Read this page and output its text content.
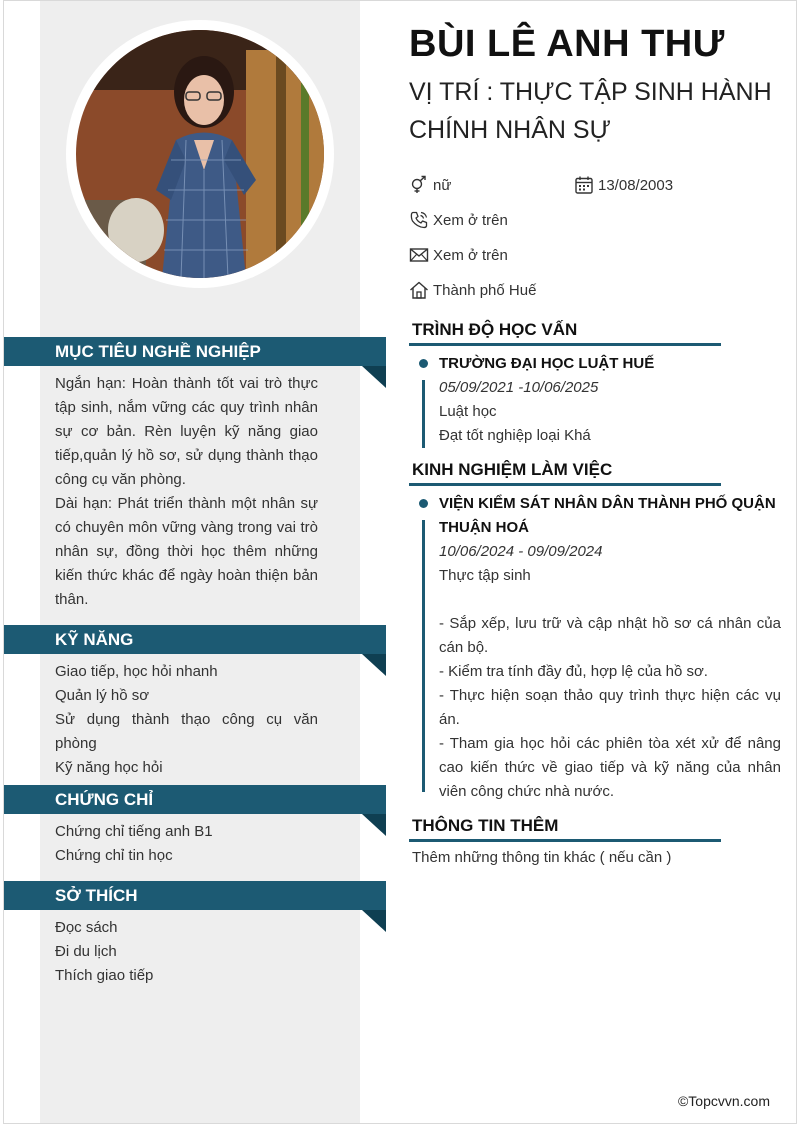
MỤC TIÊU NGHỀ NGHIỆP
Ngắn hạn: Hoàn thành tốt vai trò thực tập sinh, nắm vững các quy trình nhân sự cơ bản. Rèn luyện kỹ năng giao tiếp,quản lý hồ sơ, sử dụng thành thạo công cụ văn phòng.
Dài hạn: Phát triển thành một nhân sự có chuyên môn vững vàng trong vai trò nhân sự, đồng thời học thêm những kiến thức khác để ngày hoàn thiện bản thân.
KỸ NĂNG
Giao tiếp, học hỏi nhanh
Quản lý hồ sơ
Sử dụng thành thạo công cụ văn phòng
Kỹ năng học hỏi
CHỨNG CHỈ
Chứng chỉ tiếng anh B1
Chứng chỉ tin học
SỞ THÍCH
Đọc sách
Đi du lịch
Thích giao tiếp
BÙI LÊ ANH THƯ
VỊ TRÍ : THỰC TẬP SINH HÀNH CHÍNH NHÂN SỰ
nữ	13/08/2003
Xem ở trên
Xem ở trên
Thành phố Huế
TRÌNH ĐỘ HỌC VẤN
TRƯỜNG ĐẠI HỌC LUẬT HUẾ
05/09/2021 -10/06/2025
Luật học
Đạt tốt nghiệp loại Khá
KINH NGHIỆM LÀM VIỆC
VIỆN KIỂM SÁT NHÂN DÂN THÀNH PHỐ QUẬN THUẬN HOÁ
10/06/2024 - 09/09/2024
Thực tập sinh
- Sắp xếp, lưu trữ và cập nhật hồ sơ cá nhân của cán bộ.
- Kiểm tra tính đầy đủ, hợp lệ của hồ sơ.
- Thực hiện soạn thảo quy trình thực hiện các vụ án.
- Tham gia học hỏi các phiên tòa xét xử để nâng cao kiến thức về giao tiếp và kỹ năng của nhân viên công chức nhà nước.
THÔNG TIN THÊM
Thêm những thông tin khác ( nếu cần )
©Topcvvn.com
